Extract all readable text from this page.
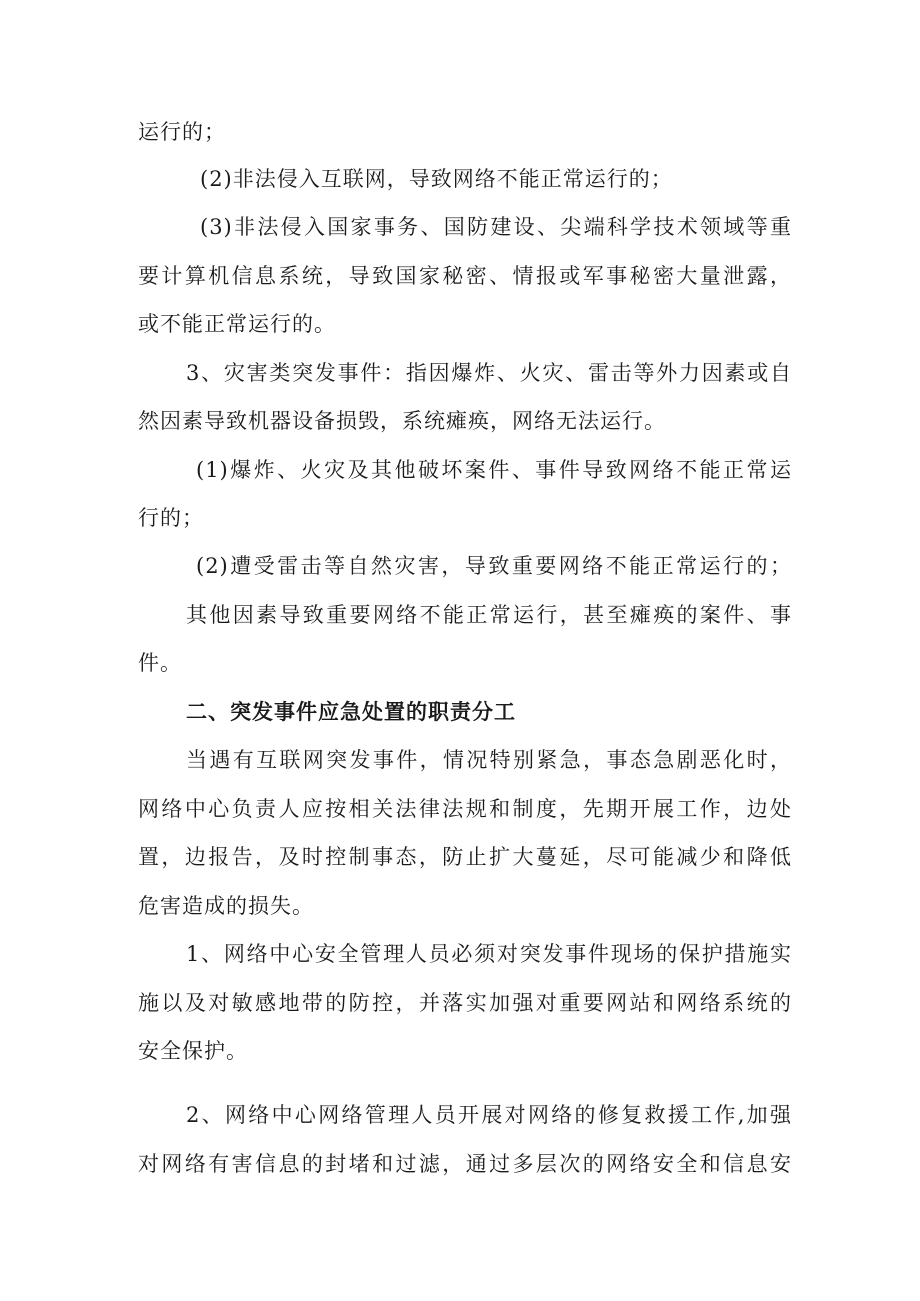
运行的；
(2)非法侵入互联网，导致网络不能正常运行的；
(3)非法侵入国家事务、国防建设、尖端科学技术领域等重
要计算机信息系统，导致国家秘密、情报或军事秘密大量泄露，
或不能正常运行的。
3、灾害类突发事件：指因爆炸、火灾、雷击等外力因素或自
然因素导致机器设备损毁，系统瘫痪，网络无法运行。
(1)爆炸、火灾及其他破坏案件、事件导致网络不能正常运
行的；
(2)遭受雷击等自然灾害，导致重要网络不能正常运行的；
其他因素导致重要网络不能正常运行，甚至瘫痪的案件、事
件。
二、突发事件应急处置的职责分工
当遇有互联网突发事件，情况特别紧急，事态急剧恶化时，
网络中心负责人应按相关法律法规和制度，先期开展工作，边处
置，边报告，及时控制事态，防止扩大蔓延，尽可能减少和降低
危害造成的损失。
1、网络中心安全管理人员必须对突发事件现场的保护措施实
施以及对敏感地带的防控，并落实加强对重要网站和网络系统的
安全保护。
2、网络中心网络管理人员开展对网络的修复救援工作,加强
对网络有害信息的封堵和过滤，通过多层次的网络安全和信息安
